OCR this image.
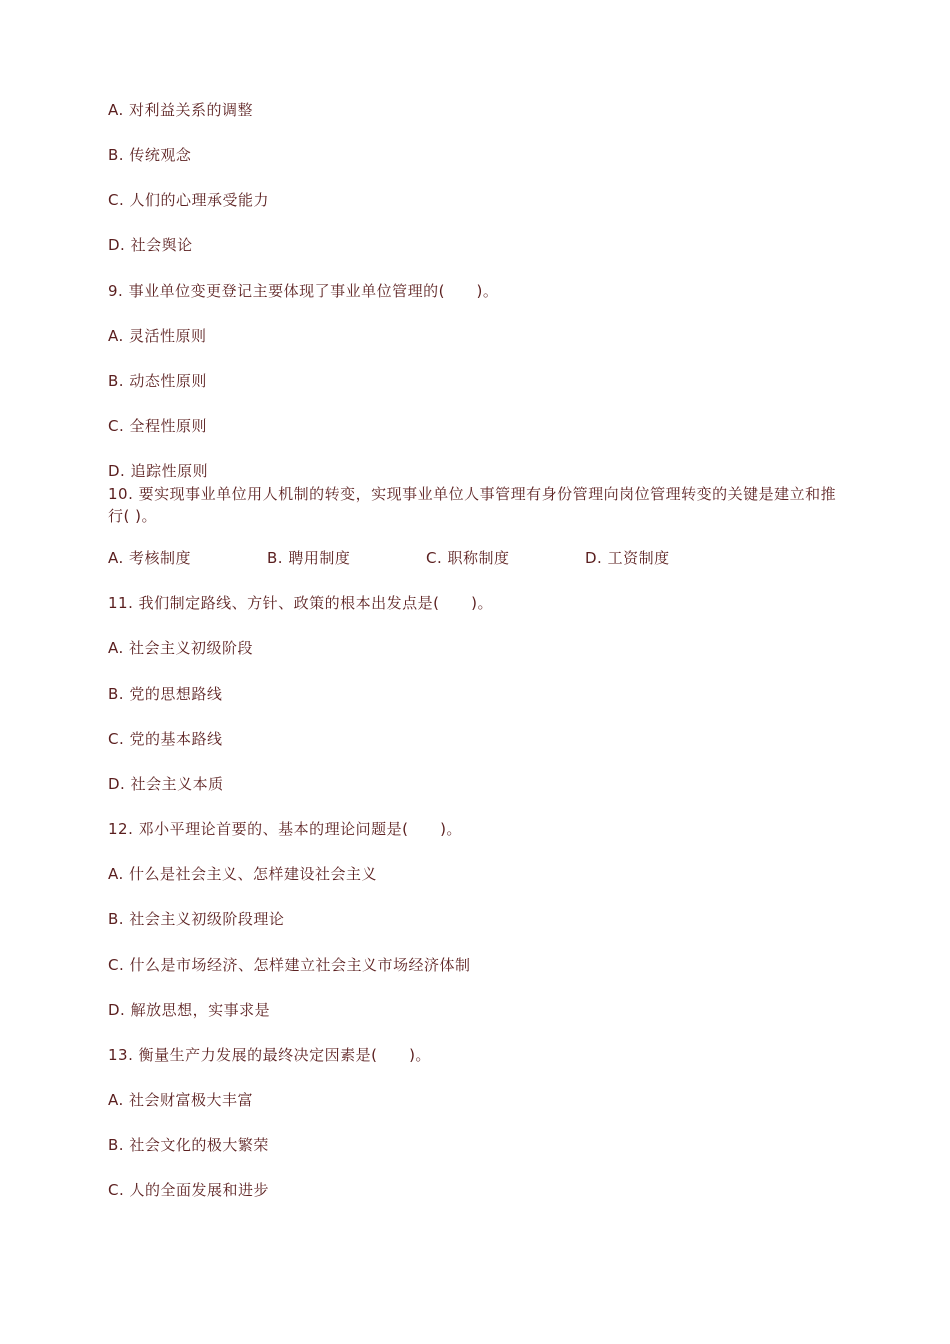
A. 对利益关系的调整
B. 传统观念
C. 人们的心理承受能力
D. 社会舆论
9. 事业单位变更登记主要体现了事业单位管理的(      )。
A. 灵活性原则
B. 动态性原则
C. 全程性原则
D. 追踪性原则
10. 要实现事业单位用人机制的转变，实现事业单位人事管理有身份管理向岗位管理转变的关键是建立和推行( )。

A. 考核制度

	B. 聘用制度

	C. 职称制度

	D. 工资制度

11. 我们制定路线、方针、政策的根本出发点是(      )。
A. 社会主义初级阶段
B. 党的思想路线
C. 党的基本路线
D. 社会主义本质
12. 邓小平理论首要的、基本的理论问题是(      )。
A. 什么是社会主义、怎样建设社会主义
B. 社会主义初级阶段理论
C. 什么是市场经济、怎样建立社会主义市场经济体制
D. 解放思想，实事求是
13. 衡量生产力发展的最终决定因素是(      )。
A. 社会财富极大丰富
B. 社会文化的极大繁荣
C. 人的全面发展和进步
